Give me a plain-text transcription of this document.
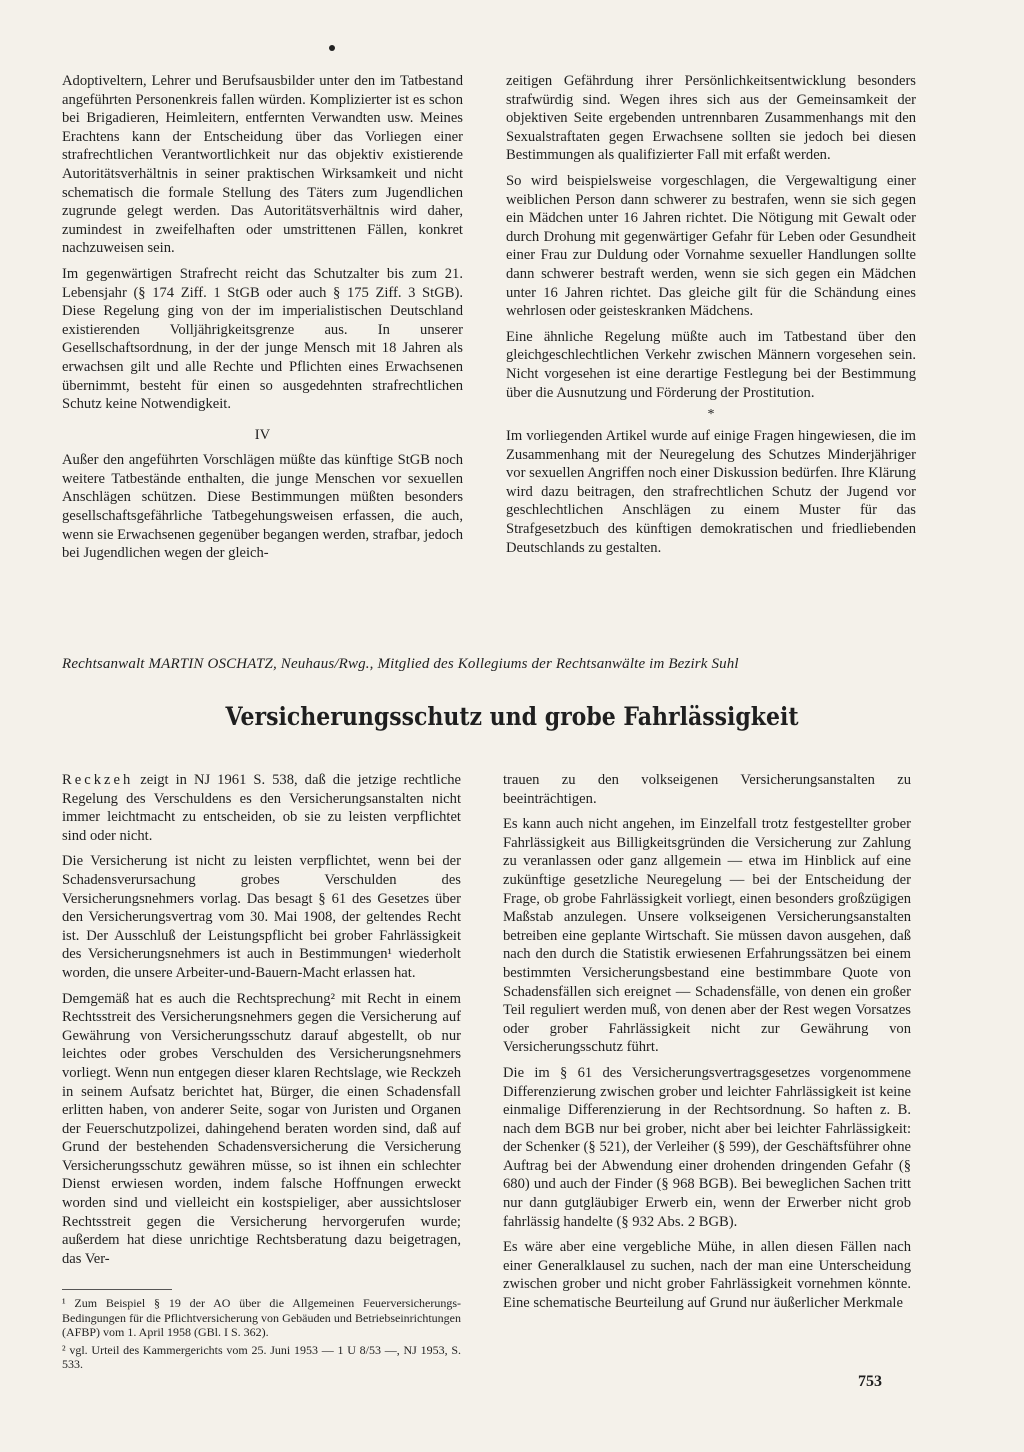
Adoptiveltern, Lehrer und Berufsausbilder unter den im Tatbestand angeführten Personenkreis fallen würden. Komplizierter ist es schon bei Brigadieren, Heimleitern, entfernten Verwandten usw. Meines Erachtens kann der Entscheidung über das Vorliegen einer strafrechtlichen Verantwortlichkeit nur das objektiv existierende Autoritätsverhältnis in seiner praktischen Wirksamkeit und nicht schematisch die formale Stellung des Täters zum Jugendlichen zugrunde gelegt werden. Das Autoritätsverhältnis wird daher, zumindest in zweifelhaften oder umstrittenen Fällen, konkret nachzuweisen sein.

Im gegenwärtigen Strafrecht reicht das Schutzalter bis zum 21. Lebensjahr (§ 174 Ziff. 1 StGB oder auch § 175 Ziff. 3 StGB). Diese Regelung ging von der im imperialistischen Deutschland existierenden Volljährigkeitsgrenze aus. In unserer Gesellschaftsordnung, in der der junge Mensch mit 18 Jahren als erwachsen gilt und alle Rechte und Pflichten eines Erwachsenen übernimmt, besteht für einen so ausgedehnten strafrechtlichen Schutz keine Notwendigkeit.

IV

Außer den angeführten Vorschlägen müßte das künftige StGB noch weitere Tatbestände enthalten, die junge Menschen vor sexuellen Anschlägen schützen. Diese Bestimmungen müßten besonders gesellschaftsgefährliche Tatbegehungsweisen erfassen, die auch, wenn sie Erwachsenen gegenüber begangen werden, strafbar, jedoch bei Jugendlichen wegen der gleich-

zeitigen Gefährdung ihrer Persönlichkeitsentwicklung besonders strafwürdig sind. Wegen ihres sich aus der Gemeinsamkeit der objektiven Seite ergebenden untrennbaren Zusammenhangs mit den Sexualstraftaten gegen Erwachsene sollten sie jedoch bei diesen Bestimmungen als qualifizierter Fall mit erfaßt werden.

So wird beispielsweise vorgeschlagen, die Vergewaltigung einer weiblichen Person dann schwerer zu bestrafen, wenn sie sich gegen ein Mädchen unter 16 Jahren richtet. Die Nötigung mit Gewalt oder durch Drohung mit gegenwärtiger Gefahr für Leben oder Gesundheit einer Frau zur Duldung oder Vornahme sexueller Handlungen sollte dann schwerer bestraft werden, wenn sie sich gegen ein Mädchen unter 16 Jahren richtet. Das gleiche gilt für die Schändung eines wehrlosen oder geisteskranken Mädchens.

Eine ähnliche Regelung müßte auch im Tatbestand über den gleichgeschlechtlichen Verkehr zwischen Männern vorgesehen sein. Nicht vorgesehen ist eine derartige Festlegung bei der Bestimmung über die Ausnutzung und Förderung der Prostitution.

*

Im vorliegenden Artikel wurde auf einige Fragen hingewiesen, die im Zusammenhang mit der Neuregelung des Schutzes Minderjähriger vor sexuellen Angriffen noch einer Diskussion bedürfen. Ihre Klärung wird dazu beitragen, den strafrechtlichen Schutz der Jugend vor geschlechtlichen Anschlägen zu einem Muster für das Strafgesetzbuch des künftigen demokratischen und friedliebenden Deutschlands zu gestalten.

Rechtsanwalt MARTIN OSCHATZ, Neuhaus/Rwg., Mitglied des Kollegiums der Rechtsanwälte im Bezirk Suhl
Versicherungsschutz und grobe Fahrlässigkeit

Reckzeh zeigt in NJ 1961 S. 538, daß die jetzige rechtliche Regelung des Verschuldens es den Versicherungsanstalten nicht immer leichtmacht zu entscheiden, ob sie zu leisten verpflichtet sind oder nicht.

Die Versicherung ist nicht zu leisten verpflichtet, wenn bei der Schadensverursachung grobes Verschulden des Versicherungsnehmers vorlag. Das besagt § 61 des Gesetzes über den Versicherungsvertrag vom 30. Mai 1908, der geltendes Recht ist. Der Ausschluß der Leistungspflicht bei grober Fahrlässigkeit des Versicherungsnehmers ist auch in Bestimmungen¹ wiederholt worden, die unsere Arbeiter-und-Bauern-Macht erlassen hat.

Demgemäß hat es auch die Rechtsprechung² mit Recht in einem Rechtsstreit des Versicherungsnehmers gegen die Versicherung auf Gewährung von Versicherungsschutz darauf abgestellt, ob nur leichtes oder grobes Verschulden des Versicherungsnehmers vorliegt. Wenn nun entgegen dieser klaren Rechtslage, wie Reckzeh in seinem Aufsatz berichtet hat, Bürger, die einen Schadensfall erlitten haben, von anderer Seite, sogar von Juristen und Organen der Feuerschutzpolizei, dahingehend beraten worden sind, daß auf Grund der bestehenden Schadensversicherung die Versicherung Versicherungsschutz gewähren müsse, so ist ihnen ein schlechter Dienst erwiesen worden, indem falsche Hoffnungen erweckt worden sind und vielleicht ein kostspieliger, aber aussichtsloser Rechtsstreit gegen die Versicherung hervorgerufen wurde; außerdem hat diese unrichtige Rechtsberatung dazu beigetragen, das Ver-

trauen zu den volkseigenen Versicherungsanstalten zu beeinträchtigen.

Es kann auch nicht angehen, im Einzelfall trotz festgestellter grober Fahrlässigkeit aus Billigkeitsgründen die Versicherung zur Zahlung zu veranlassen oder ganz allgemein — etwa im Hinblick auf eine zukünftige gesetzliche Neuregelung — bei der Entscheidung der Frage, ob grobe Fahrlässigkeit vorliegt, einen besonders großzügigen Maßstab anzulegen. Unsere volkseigenen Versicherungsanstalten betreiben eine geplante Wirtschaft. Sie müssen davon ausgehen, daß nach den durch die Statistik erwiesenen Erfahrungssätzen bei einem bestimmten Versicherungsbestand eine bestimmbare Quote von Schadensfällen sich ereignet — Schadensfälle, von denen ein großer Teil reguliert werden muß, von denen aber der Rest wegen Vorsatzes oder grober Fahrlässigkeit nicht zur Gewährung von Versicherungsschutz führt.

Die im § 61 des Versicherungsvertragsgesetzes vorgenommene Differenzierung zwischen grober und leichter Fahrlässigkeit ist keine einmalige Differenzierung in der Rechtsordnung. So haften z. B. nach dem BGB nur bei grober, nicht aber bei leichter Fahrlässigkeit: der Schenker (§ 521), der Verleiher (§ 599), der Geschäftsführer ohne Auftrag bei der Abwendung einer drohenden dringenden Gefahr (§ 680) und auch der Finder (§ 968 BGB). Bei beweglichen Sachen tritt nur dann gutgläubiger Erwerb ein, wenn der Erwerber nicht grob fahrlässig handelte (§ 932 Abs. 2 BGB).

Es wäre aber eine vergebliche Mühe, in allen diesen Fällen nach einer Generalklausel zu suchen, nach der man eine Unterscheidung zwischen grober und nicht grober Fahrlässigkeit vornehmen könnte. Eine schematische Beurteilung auf Grund nur äußerlicher Merkmale

¹ Zum Beispiel § 19 der AO über die Allgemeinen Feuerversicherungs-Bedingungen für die Pflichtversicherung von Gebäuden und Betriebseinrichtungen (AFBP) vom 1. April 1958 (GBl. I S. 362).

² vgl. Urteil des Kammergerichts vom 25. Juni 1953 — 1 U 8/53 —, NJ 1953, S. 533.

753
